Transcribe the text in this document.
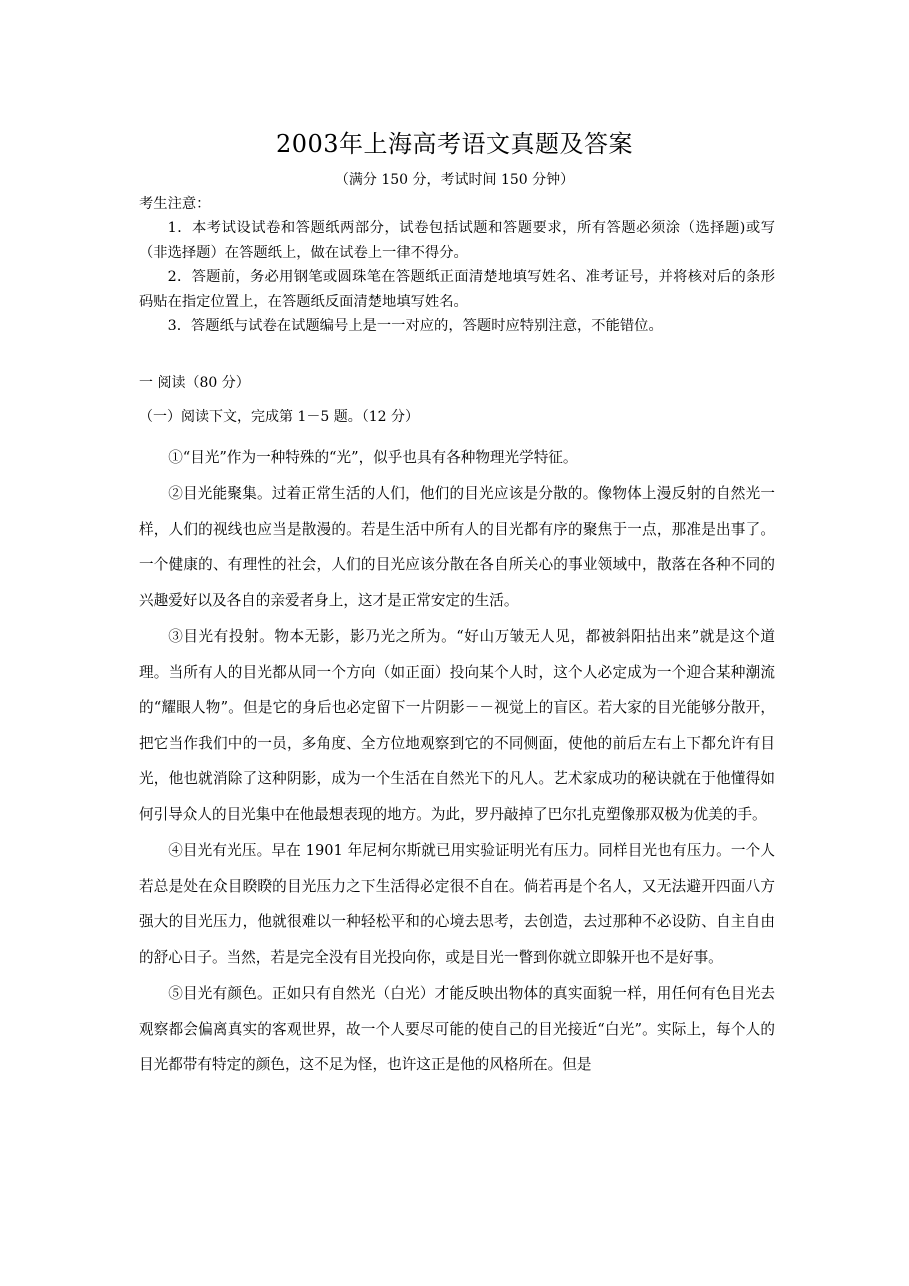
2003年上海高考语文真题及答案
（满分 150 分，考试时间 150 分钟）

考生注意：

1．本考试设试卷和答题纸两部分，试卷包括试题和答题要求，所有答题必须涂（选择题)或写（非选择题）在答题纸上，做在试卷上一律不得分。

2．答题前，务必用钢笔或圆珠笔在答题纸正面清楚地填写姓名、准考证号，并将核对后的条形码贴在指定位置上，在答题纸反面清楚地填写姓名。

3．答题纸与试卷在试题编号上是一一对应的，答题时应特别注意，不能错位。

一 阅读（80 分）
（一）阅读下文，完成第 1－5 题。（12 分）

①“目光”作为一种特殊的“光”，似乎也具有各种物理光学特征。

②目光能聚集。过着正常生活的人们，他们的目光应该是分散的。像物体上漫反射的自然光一样，人们的视线也应当是散漫的。若是生活中所有人的目光都有序的聚焦于一点，那准是出事了。一个健康的、有理性的社会，人们的目光应该分散在各自所关心的事业领域中，散落在各种不同的兴趣爱好以及各自的亲爱者身上，这才是正常安定的生活。

③目光有投射。物本无影，影乃光之所为。“好山万皱无人见，都被斜阳拈出来”就是这个道理。当所有人的目光都从同一个方向（如正面）投向某个人时，这个人必定成为一个迎合某种潮流的“耀眼人物”。但是它的身后也必定留下一片阴影－－视觉上的盲区。若大家的目光能够分散开，把它当作我们中的一员，多角度、全方位地观察到它的不同侧面，使他的前后左右上下都允许有目光，他也就消除了这种阴影，成为一个生活在自然光下的凡人。艺术家成功的秘诀就在于他懂得如何引导众人的目光集中在他最想表现的地方。为此，罗丹敲掉了巴尔扎克塑像那双极为优美的手。

④目光有光压。早在 1901 年尼柯尔斯就已用实验证明光有压力。同样目光也有压力。一个人若总是处在众目睽睽的目光压力之下生活得必定很不自在。倘若再是个名人，又无法避开四面八方强大的目光压力，他就很难以一种轻松平和的心境去思考，去创造，去过那种不必设防、自主自由的舒心日子。当然，若是完全没有目光投向你，或是目光一瞥到你就立即躲开也不是好事。

⑤目光有颜色。正如只有自然光（白光）才能反映出物体的真实面貌一样，用任何有色目光去观察都会偏离真实的客观世界，故一个人要尽可能的使自己的目光接近“白光”。实际上，每个人的目光都带有特定的颜色，这不足为怪，也许这正是他的风格所在。但是
